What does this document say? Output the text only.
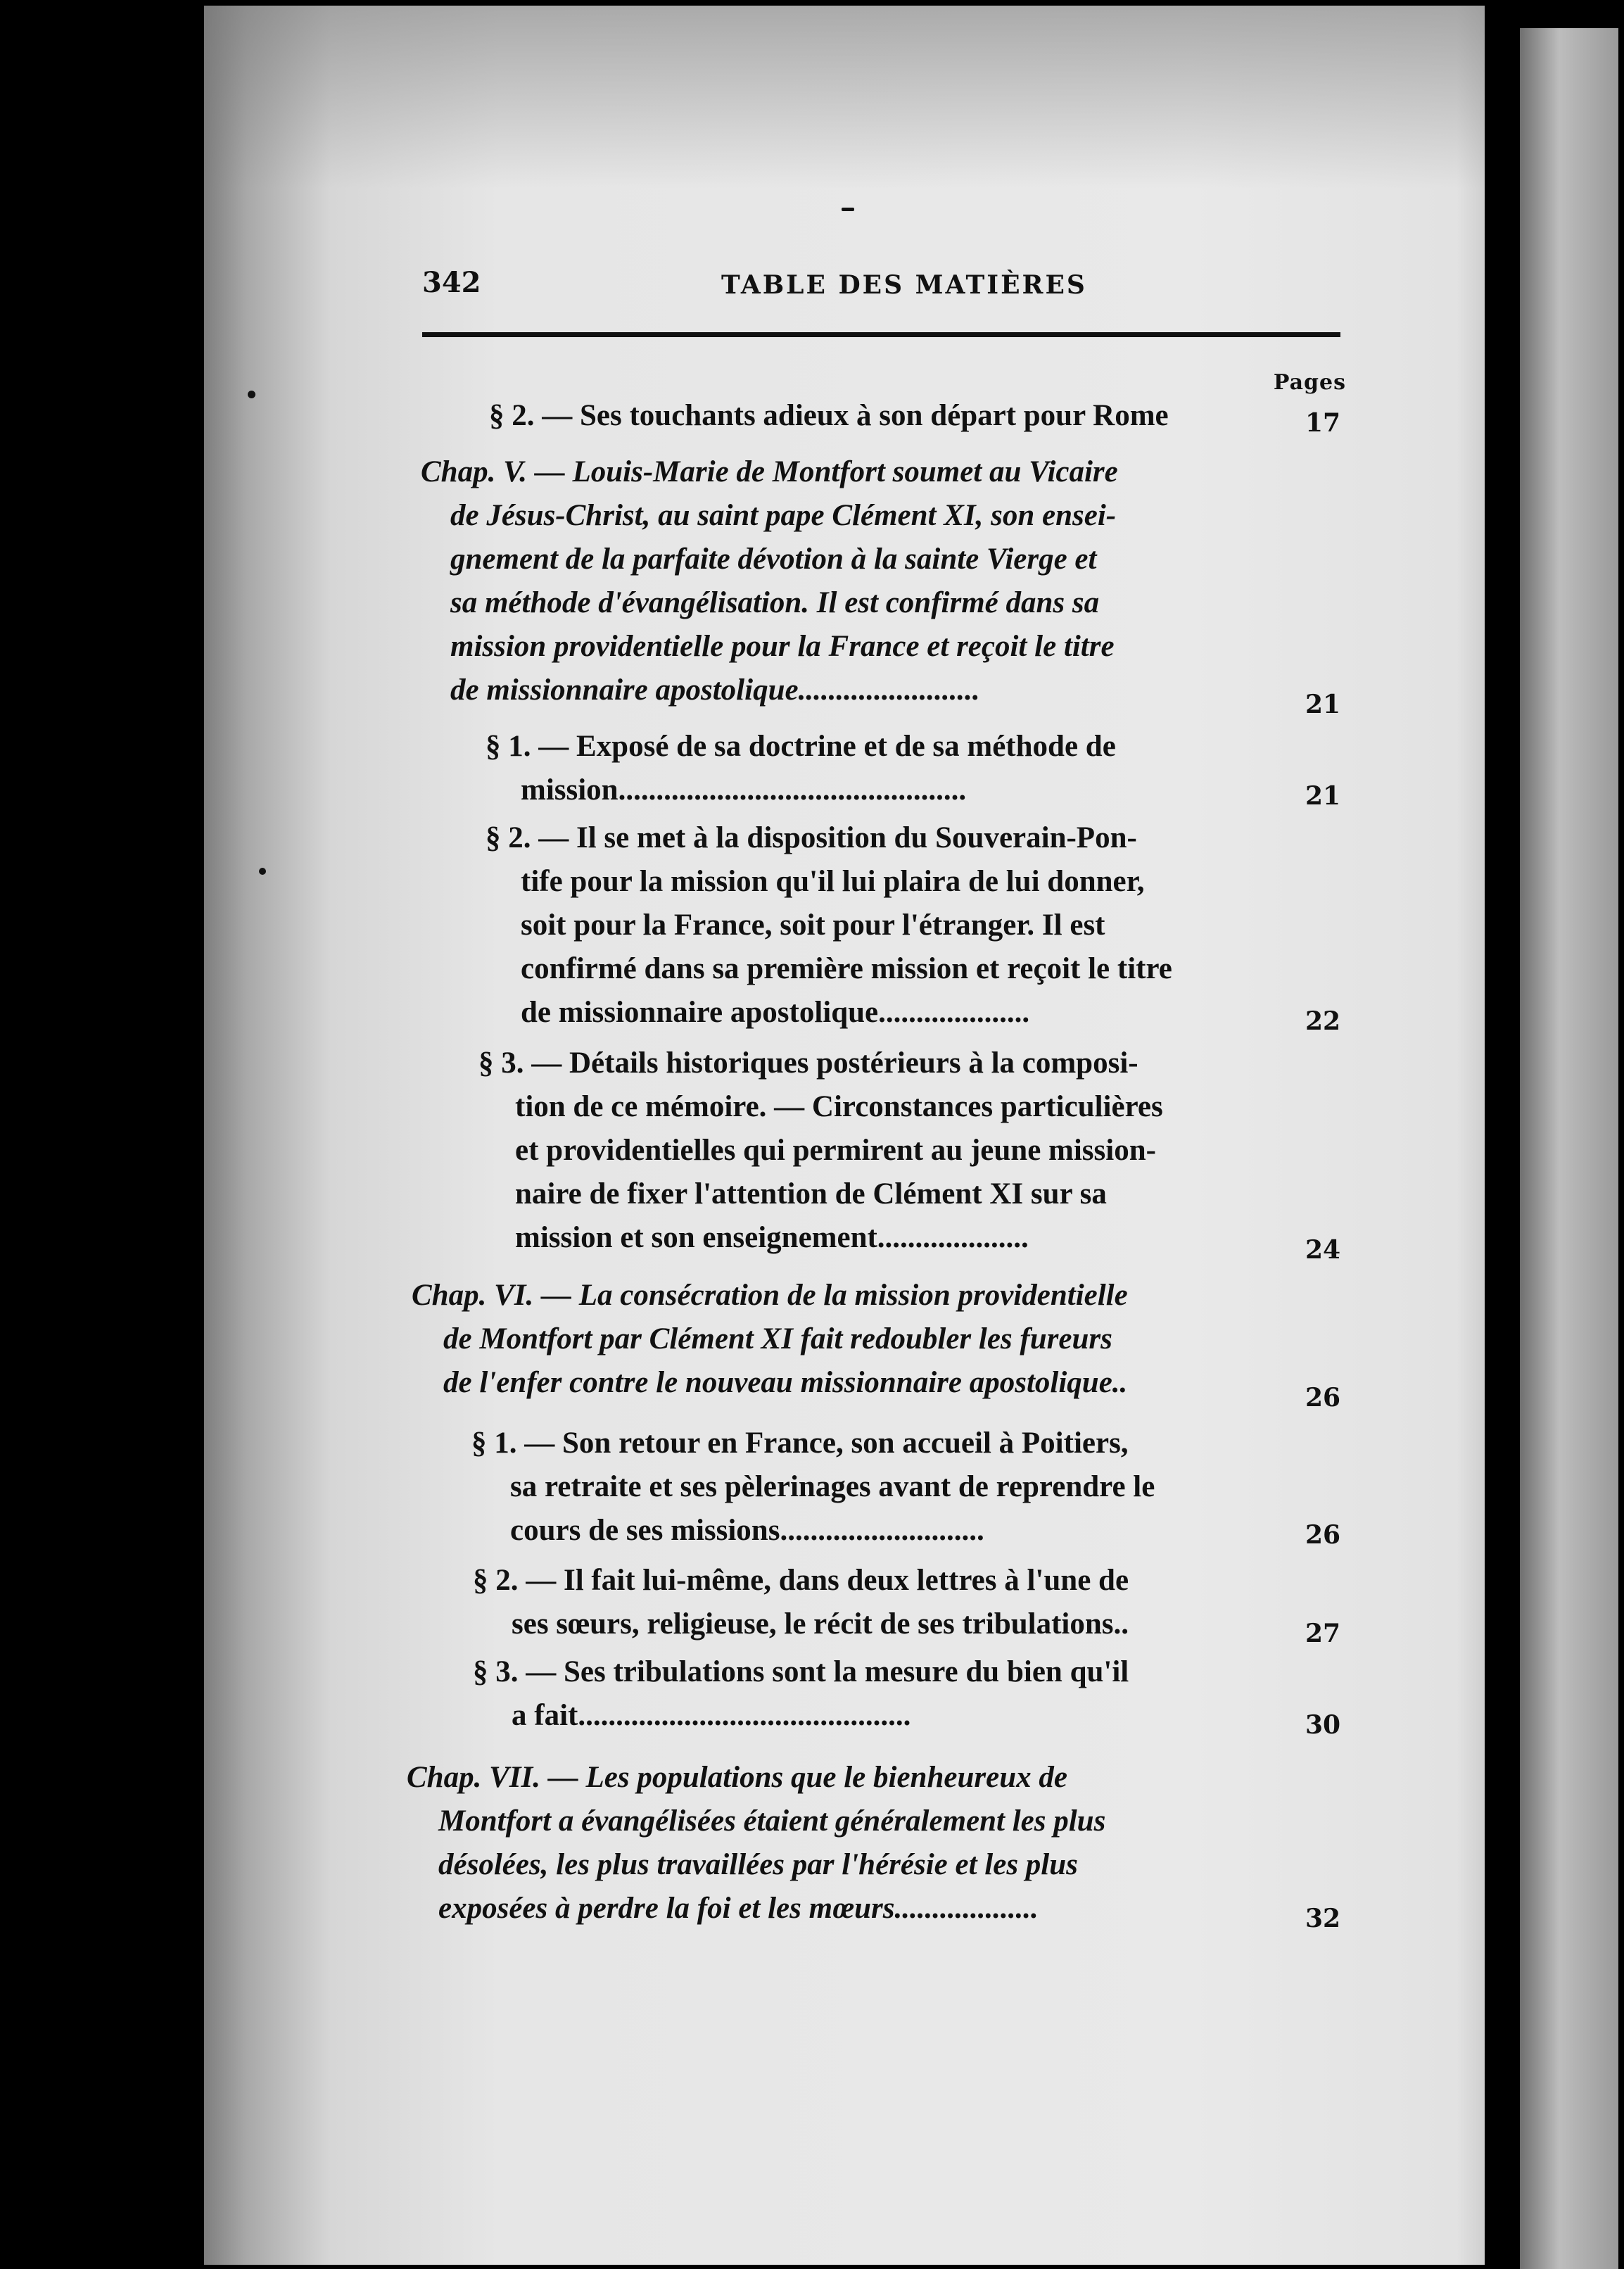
342	TABLE DES MATIÈRES
Pages
§ 2. — Ses touchants adieux à son départ pour Rome	17
Chap. V. — Louis-Marie de Montfort soumet au Vicaire
de Jésus-Christ, au saint pape Clément XI, son ensei-
gnement de la parfaite dévotion à la sainte Vierge et
sa méthode d'évangélisation. Il est confirmé dans sa
mission providentielle pour la France et reçoit le titre
de missionnaire apostolique........................	21
§ 1. — Exposé de sa doctrine et de sa méthode de
mission..............................................	21
§ 2. — Il se met à la disposition du Souverain-Pon-
tife pour la mission qu'il lui plaira de lui donner,
soit pour la France, soit pour l'étranger. Il est
confirmé dans sa première mission et reçoit le titre
de missionnaire apostolique....................	22
§ 3. — Détails historiques postérieurs à la composi-
tion de ce mémoire. — Circonstances particulières
et providentielles qui permirent au jeune mission-
naire de fixer l'attention de Clément XI sur sa
mission et son enseignement....................	24
Chap. VI. — La consécration de la mission providentielle
de Montfort par Clément XI fait redoubler les fureurs
de l'enfer contre le nouveau missionnaire apostolique..	26
§ 1. — Son retour en France, son accueil à Poitiers,
sa retraite et ses pèlerinages avant de reprendre le
cours de ses missions...........................	26
§ 2. — Il fait lui-même, dans deux lettres à l'une de
ses sœurs, religieuse, le récit de ses tribulations..	27
§ 3. — Ses tribulations sont la mesure du bien qu'il
a fait............................................	30
Chap. VII. — Les populations que le bienheureux de
Montfort a évangélisées étaient généralement les plus
désolées, les plus travaillées par l'hérésie et les plus
exposées à perdre la foi et les mœurs...................	32
